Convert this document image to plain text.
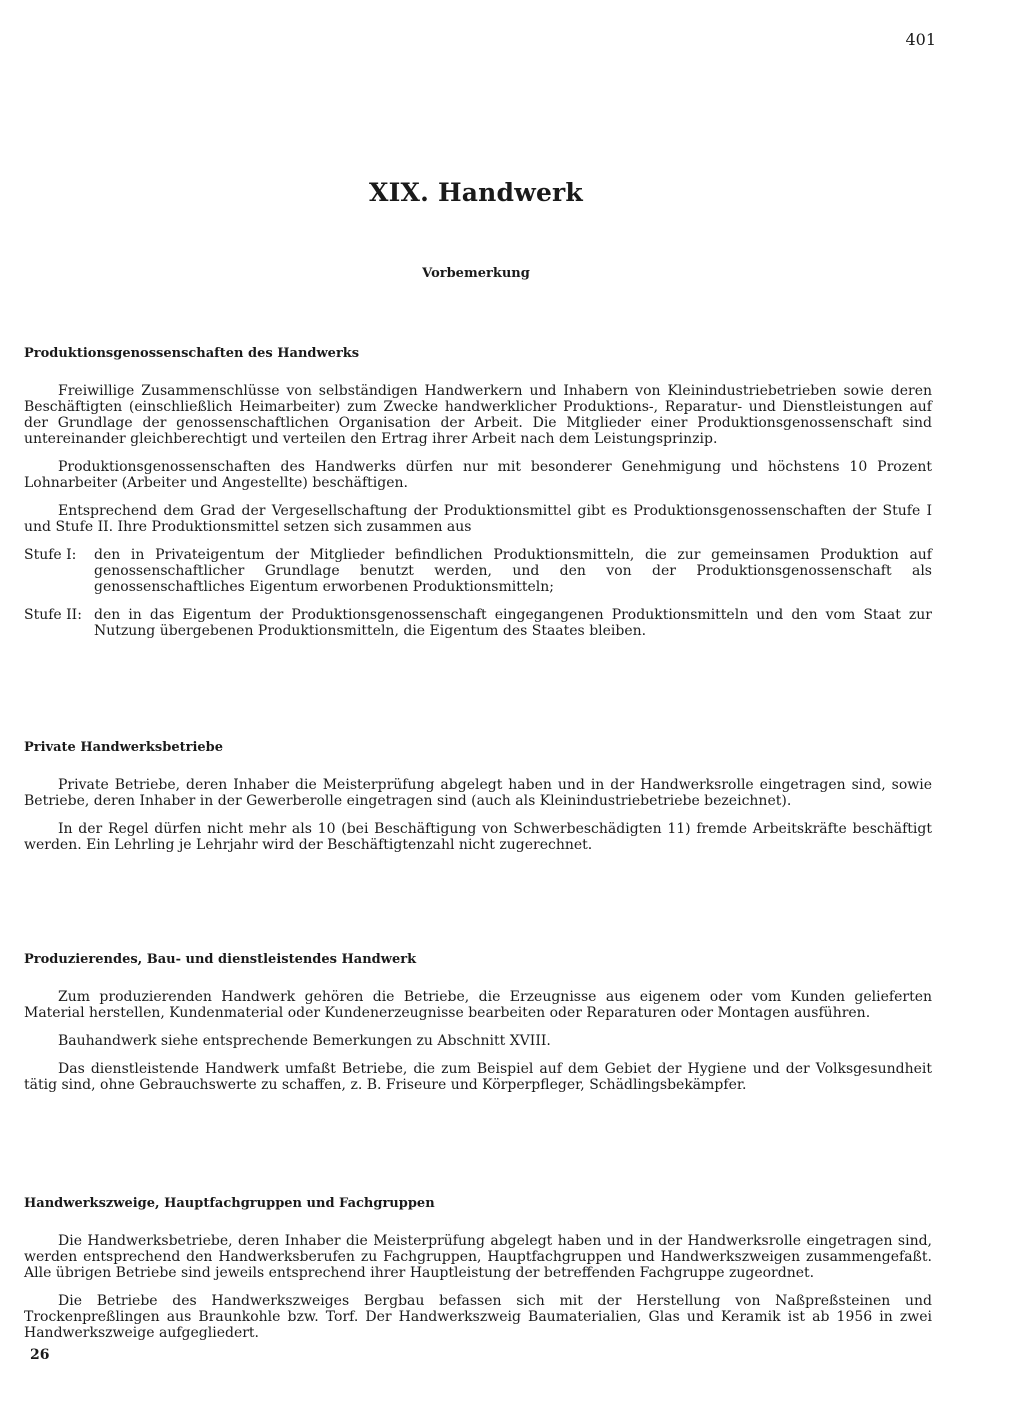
401
XIX. Handwerk
Vorbemerkung
Produktionsgenossenschaften des Handwerks

Freiwillige Zusammenschlüsse von selbständigen Handwerkern und Inhabern von Kleinindustriebetrieben sowie deren Beschäftigten (einschließlich Heimarbeiter) zum Zwecke handwerklicher Produktions-, Reparatur- und Dienstleistungen auf der Grundlage der genossenschaftlichen Organisation der Arbeit. Die Mitglieder einer Produktionsgenossenschaft sind untereinander gleichberechtigt und verteilen den Ertrag ihrer Arbeit nach dem Leistungsprinzip.

Produktionsgenossenschaften des Handwerks dürfen nur mit besonderer Genehmigung und höchstens 10 Prozent Lohnarbeiter (Arbeiter und Angestellte) beschäftigen.

Entsprechend dem Grad der Vergesellschaftung der Produktionsmittel gibt es Produktionsgenossenschaften der Stufe I und Stufe II. Ihre Produktionsmittel setzen sich zusammen aus

Stufe I:	den in Privateigentum der Mitglieder befindlichen Produktionsmitteln, die zur gemeinsamen Produktion auf genossenschaftlicher Grundlage benutzt werden, und den von der Produktionsgenossenschaft als genossenschaftliches Eigentum erworbenen Produktionsmitteln;
Stufe II: den in das Eigentum der Produktionsgenossenschaft eingegangenen Produktionsmitteln und den vom Staat zur Nutzung übergebenen Produktionsmitteln, die Eigentum des Staates bleiben.
Private Handwerksbetriebe

Private Betriebe, deren Inhaber die Meisterprüfung abgelegt haben und in der Handwerksrolle eingetragen sind, sowie Betriebe, deren Inhaber in der Gewerberolle eingetragen sind (auch als Kleinindustriebetriebe bezeichnet).

In der Regel dürfen nicht mehr als 10 (bei Beschäftigung von Schwerbeschädigten 11) fremde Arbeitskräfte beschäftigt werden. Ein Lehrling je Lehrjahr wird der Beschäftigtenzahl nicht zugerechnet.

Produzierendes, Bau- und dienstleistendes Handwerk

Zum produzierenden Handwerk gehören die Betriebe, die Erzeugnisse aus eigenem oder vom Kunden gelieferten Material herstellen, Kundenmaterial oder Kundenerzeugnisse bearbeiten oder Reparaturen oder Montagen ausführen.

Bauhandwerk siehe entsprechende Bemerkungen zu Abschnitt XVIII.

Das dienstleistende Handwerk umfaßt Betriebe, die zum Beispiel auf dem Gebiet der Hygiene und der Volksgesundheit tätig sind, ohne Gebrauchswerte zu schaffen, z. B. Friseure und Körperpfleger, Schädlingsbekämpfer.

Handwerkszweige, Hauptfachgruppen und Fachgruppen

Die Handwerksbetriebe, deren Inhaber die Meisterprüfung abgelegt haben und in der Handwerksrolle eingetragen sind, werden entsprechend den Handwerksberufen zu Fachgruppen, Hauptfachgruppen und Handwerkszweigen zusammengefaßt. Alle übrigen Betriebe sind jeweils entsprechend ihrer Hauptleistung der betreffenden Fachgruppe zugeordnet.

Die Betriebe des Handwerkszweiges Bergbau befassen sich mit der Herstellung von Naßpreßsteinen und Trockenpreßlingen aus Braunkohle bzw. Torf. Der Handwerkszweig Baumaterialien, Glas und Keramik ist ab 1956 in zwei Handwerkszweige aufgegliedert.

26
